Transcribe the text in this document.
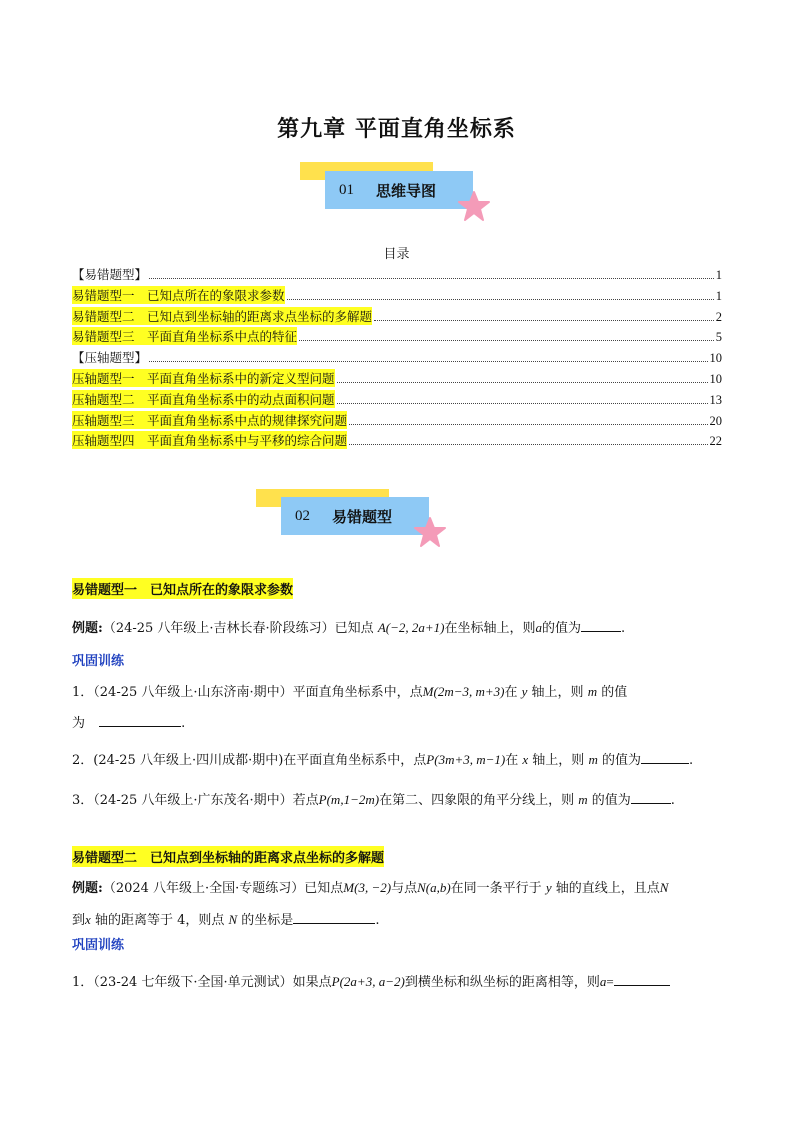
第九章 平面直角坐标系
01 思维导图
目录
【易错题型】	1
易错题型一　已知点所在的象限求参数	1
易错题型二　已知点到坐标轴的距离求点坐标的多解题	2
易错题型三　平面直角坐标系中点的特征	5
【压轴题型】	10
压轴题型一　平面直角坐标系中的新定义型问题	10
压轴题型二　平面直角坐标系中的动点面积问题	13
压轴题型三　平面直角坐标系中点的规律探究问题	20
压轴题型四　平面直角坐标系中与平移的综合问题	22
02 易错题型
易错题型一　已知点所在的象限求参数
例题:（24-25 八年级上·吉林长春·阶段练习）已知点 A(−2, 2a+1)在坐标轴上，则a的值为	.
巩固训练
1．（24-25 八年级上·山东济南·期中）平面直角坐标系中，点M(2m−3, m+3)在 y 轴上，则 m 的值
为	.
2．(24-25 八年级上·四川成都·期中)在平面直角坐标系中，点P(3m+3, m−1)在 x 轴上，则 m 的值为	.
3．（24-25 八年级上·广东茂名·期中）若点P(m,1−2m)在第二、四象限的角平分线上，则 m 的值为	.
易错题型二　已知点到坐标轴的距离求点坐标的多解题
例题:（2024 八年级上·全国·专题练习）已知点M(3, −2)与点N(a,b)在同一条平行于 y 轴的直线上，且点N
到x 轴的距离等于 4，则点 N 的坐标是	.
巩固训练
1．（23-24 七年级下·全国·单元测试）如果点P(2a+3, a−2)到横坐标和纵坐标的距离相等，则a=
